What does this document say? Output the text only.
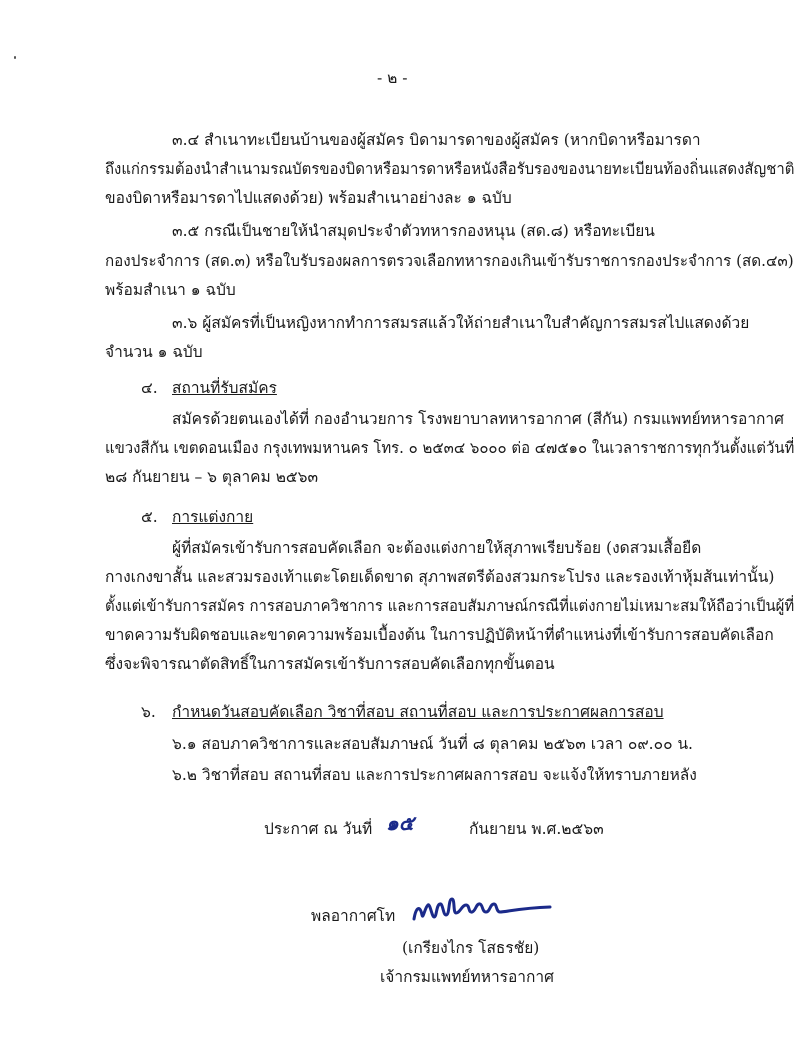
- ๒ -
๓.๔ สำเนาทะเบียนบ้านของผู้สมัคร บิดามารดาของผู้สมัคร (หากบิดาหรือมารดา
ถึงแก่กรรมต้องนำสำเนามรณบัตรของบิดาหรือมารดาหรือหนังสือรับรองของนายทะเบียนท้องถิ่นแสดงสัญชาติ
ของบิดาหรือมารดาไปแสดงด้วย) พร้อมสำเนาอย่างละ ๑ ฉบับ
๓.๕ กรณีเป็นชายให้นำสมุดประจำตัวทหารกองหนุน (สด.๘) หรือทะเบียน
กองประจำการ (สด.๓) หรือใบรับรองผลการตรวจเลือกทหารกองเกินเข้ารับราชการกองประจำการ (สด.๔๓)
พร้อมสำเนา ๑ ฉบับ
๓.๖ ผู้สมัครที่เป็นหญิงหากทำการสมรสแล้วให้ถ่ายสำเนาใบสำคัญการสมรสไปแสดงด้วย
จำนวน ๑ ฉบับ
๔. สถานที่รับสมัคร
สมัครด้วยตนเองได้ที่ กองอำนวยการ โรงพยาบาลทหารอากาศ (สีกัน) กรมแพทย์ทหารอากาศ
แขวงสีกัน เขตดอนเมือง กรุงเทพมหานคร โทร. ๐ ๒๕๓๔ ๖๐๐๐ ต่อ ๔๗๕๑๐ ในเวลาราชการทุกวันตั้งแต่วันที่
๒๘ กันยายน – ๖ ตุลาคม ๒๕๖๓
๕. การแต่งกาย
ผู้ที่สมัครเข้ารับการสอบคัดเลือก จะต้องแต่งกายให้สุภาพเรียบร้อย (งดสวมเสื้อยืด
กางเกงขาสั้น และสวมรองเท้าแตะโดยเด็ดขาด สุภาพสตรีต้องสวมกระโปรง และรองเท้าหุ้มส้นเท่านั้น)
ตั้งแต่เข้ารับการสมัคร การสอบภาควิชาการ และการสอบสัมภาษณ์กรณีที่แต่งกายไม่เหมาะสมให้ถือว่าเป็นผู้ที่
ขาดความรับผิดชอบและขาดความพร้อมเบื้องต้น ในการปฏิบัติหน้าที่ตำแหน่งที่เข้ารับการสอบคัดเลือก
ซึ่งจะพิจารณาตัดสิทธิ์ในการสมัครเข้ารับการสอบคัดเลือกทุกขั้นตอน
๖. กำหนดวันสอบคัดเลือก วิชาที่สอบ สถานที่สอบ และการประกาศผลการสอบ
๖.๑ สอบภาควิชาการและสอบสัมภาษณ์ วันที่ ๘ ตุลาคม ๒๕๖๓ เวลา ๐๙.๐๐ น.
๖.๒ วิชาที่สอบ สถานที่สอบ และการประกาศผลการสอบ จะแจ้งให้ทราบภายหลัง
ประกาศ ณ วันที่ ๑๕	กันยายน พ.ศ.๒๕๖๓
พลอากาศโท
(เกรียงไกร โสธรชัย)
เจ้ากรมแพทย์ทหารอากาศ
